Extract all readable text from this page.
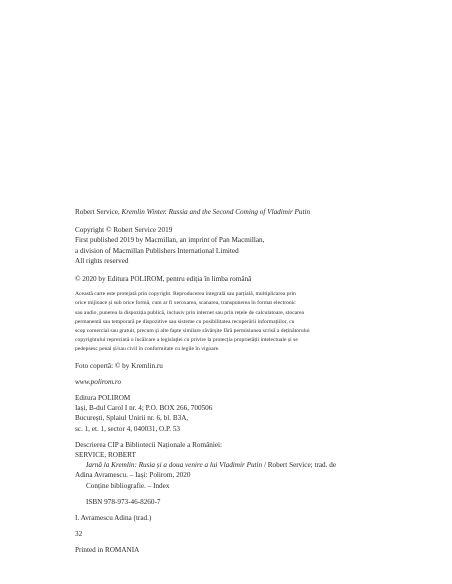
Robert Service, Kremlin Winter. Russia and the Second Coming of Vladimir Putin
Copyright © Robert Service 2019
First published 2019 by Macmillan, an imprint of Pan Macmillan,
a division of Macmillan Publishers International Limited
All rights reserved
© 2020 by Editura POLIROM, pentru ediția în limba română
Această carte este protejată prin copyright. Reproducerea integrală sau parțială, multiplicarea prin
orice mijloace și sub orice formă, cum ar fi xeroxarea, scanarea, transpunerea în format electronic
sau audio, punerea la dispoziția publică, inclusiv prin internet sau prin rețele de calculatoare, stocarea
permanentă sau temporară pe dispozitive sau sisteme cu posibilitatea recuperării informațiilor, cu
scop comercial sau gratuit, precum și alte fapte similare săvârșite fără permisiunea scrisă a deținătorului
copyrightului reprezintă o încălcare a legislației cu privire la protecția proprietății intelectuale și se
pedepsesc penal și/sau civil în conformitate cu legile în vigoare.
Foto copertă: © by Kremlin.ru
www.polirom.ro
Editura POLIROM
Iași, B-dul Carol I nr. 4; P.O. BOX 266, 700506
București, Splaiul Unirii nr. 6, bl. B3A,
sc. 1, et. 1, sector 4, 040031, O.P. 53
Descrierea CIP a Bibliotecii Naționale a României:
SERVICE, ROBERT
Iarnă la Kremlin: Rusia și a doua venire a lui Vladimir Putin / Robert Service; trad. de
Adina Avramescu. – Iași: Polirom, 2020
Conține bibliografie. – Index
ISBN 978-973-46-8260-7
I. Avramescu Adina (trad.)
32
Printed in ROMANIA
